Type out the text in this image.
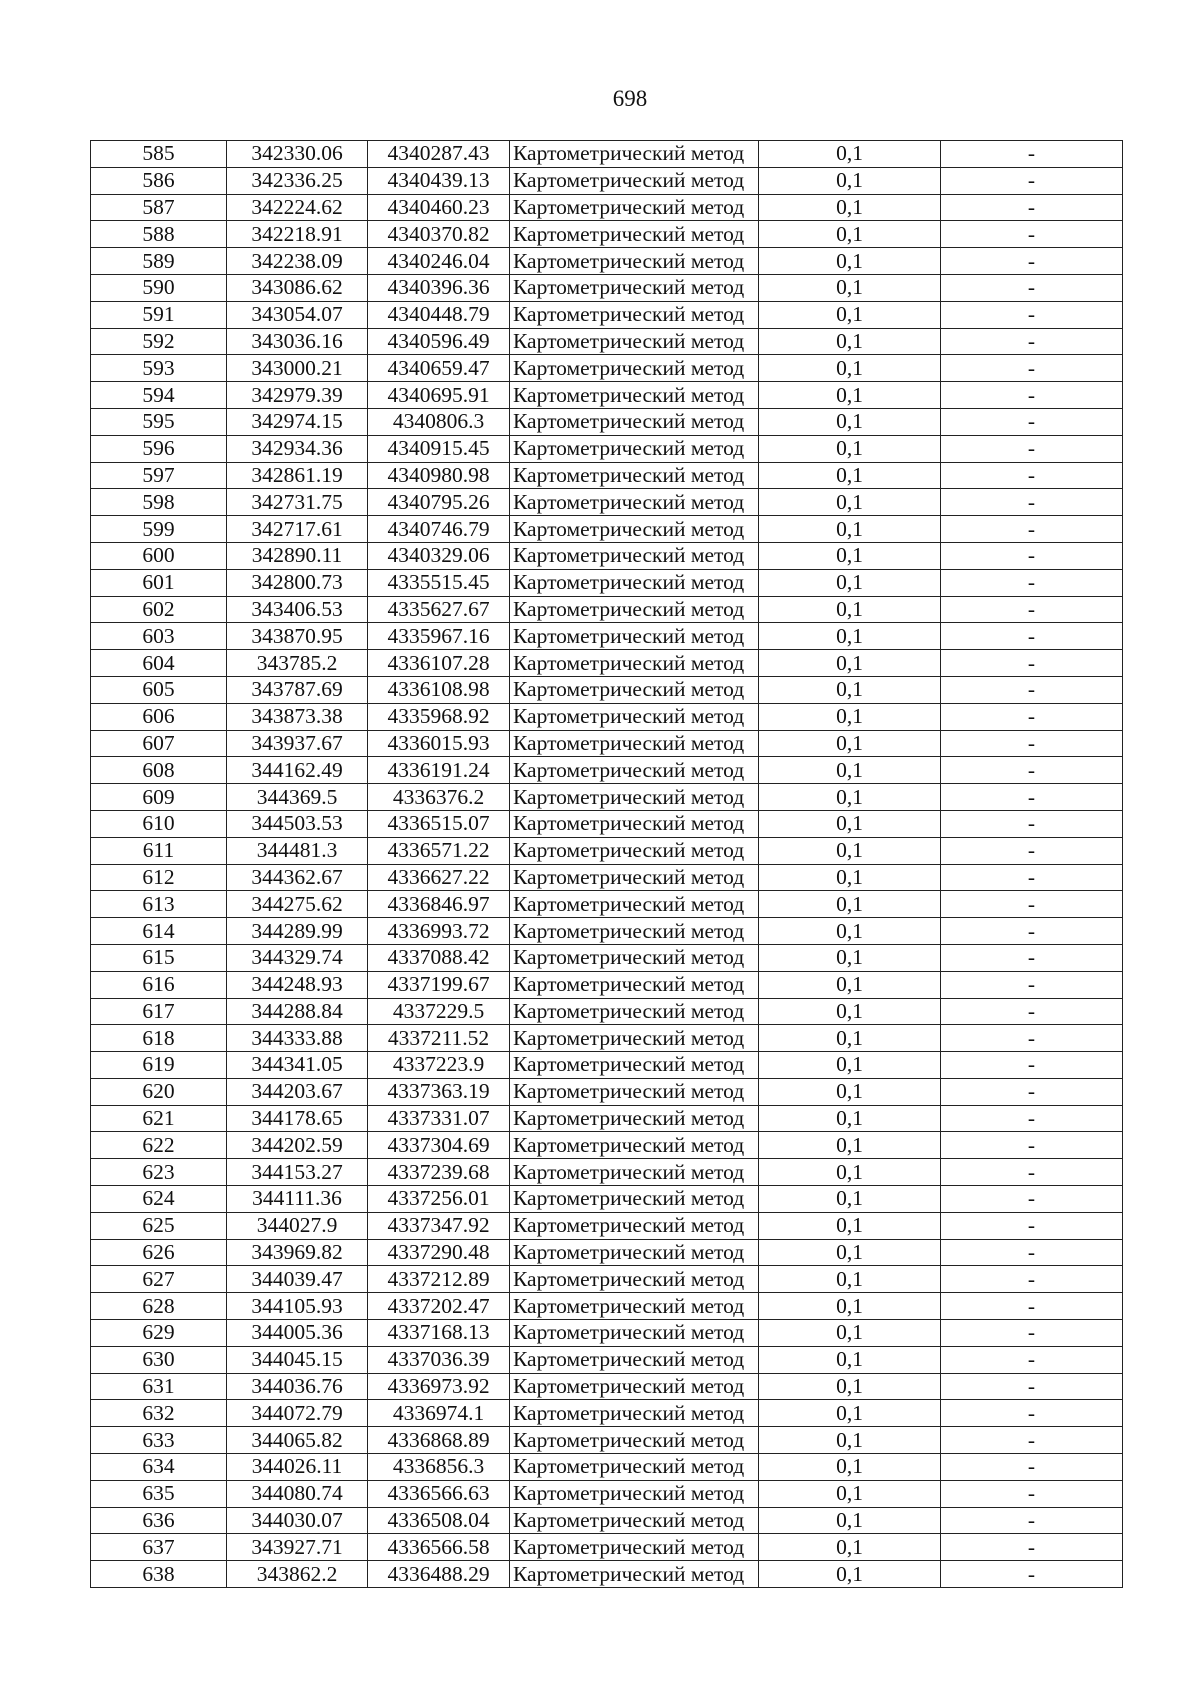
698
585	342330.06	4340287.43	Картометрический метод	0,1	-
586	342336.25	4340439.13	Картометрический метод	0,1	-
587	342224.62	4340460.23	Картометрический метод	0,1	-
588	342218.91	4340370.82	Картометрический метод	0,1	-
589	342238.09	4340246.04	Картометрический метод	0,1	-
590	343086.62	4340396.36	Картометрический метод	0,1	-
591	343054.07	4340448.79	Картометрический метод	0,1	-
592	343036.16	4340596.49	Картометрический метод	0,1	-
593	343000.21	4340659.47	Картометрический метод	0,1	-
594	342979.39	4340695.91	Картометрический метод	0,1	-
595	342974.15	4340806.3	Картометрический метод	0,1	-
596	342934.36	4340915.45	Картометрический метод	0,1	-
597	342861.19	4340980.98	Картометрический метод	0,1	-
598	342731.75	4340795.26	Картометрический метод	0,1	-
599	342717.61	4340746.79	Картометрический метод	0,1	-
600	342890.11	4340329.06	Картометрический метод	0,1	-
601	342800.73	4335515.45	Картометрический метод	0,1	-
602	343406.53	4335627.67	Картометрический метод	0,1	-
603	343870.95	4335967.16	Картометрический метод	0,1	-
604	343785.2	4336107.28	Картометрический метод	0,1	-
605	343787.69	4336108.98	Картометрический метод	0,1	-
606	343873.38	4335968.92	Картометрический метод	0,1	-
607	343937.67	4336015.93	Картометрический метод	0,1	-
608	344162.49	4336191.24	Картометрический метод	0,1	-
609	344369.5	4336376.2	Картометрический метод	0,1	-
610	344503.53	4336515.07	Картометрический метод	0,1	-
611	344481.3	4336571.22	Картометрический метод	0,1	-
612	344362.67	4336627.22	Картометрический метод	0,1	-
613	344275.62	4336846.97	Картометрический метод	0,1	-
614	344289.99	4336993.72	Картометрический метод	0,1	-
615	344329.74	4337088.42	Картометрический метод	0,1	-
616	344248.93	4337199.67	Картометрический метод	0,1	-
617	344288.84	4337229.5	Картометрический метод	0,1	-
618	344333.88	4337211.52	Картометрический метод	0,1	-
619	344341.05	4337223.9	Картометрический метод	0,1	-
620	344203.67	4337363.19	Картометрический метод	0,1	-
621	344178.65	4337331.07	Картометрический метод	0,1	-
622	344202.59	4337304.69	Картометрический метод	0,1	-
623	344153.27	4337239.68	Картометрический метод	0,1	-
624	344111.36	4337256.01	Картометрический метод	0,1	-
625	344027.9	4337347.92	Картометрический метод	0,1	-
626	343969.82	4337290.48	Картометрический метод	0,1	-
627	344039.47	4337212.89	Картометрический метод	0,1	-
628	344105.93	4337202.47	Картометрический метод	0,1	-
629	344005.36	4337168.13	Картометрический метод	0,1	-
630	344045.15	4337036.39	Картометрический метод	0,1	-
631	344036.76	4336973.92	Картометрический метод	0,1	-
632	344072.79	4336974.1	Картометрический метод	0,1	-
633	344065.82	4336868.89	Картометрический метод	0,1	-
634	344026.11	4336856.3	Картометрический метод	0,1	-
635	344080.74	4336566.63	Картометрический метод	0,1	-
636	344030.07	4336508.04	Картометрический метод	0,1	-
637	343927.71	4336566.58	Картометрический метод	0,1	-
638	343862.2	4336488.29	Картометрический метод	0,1	-
